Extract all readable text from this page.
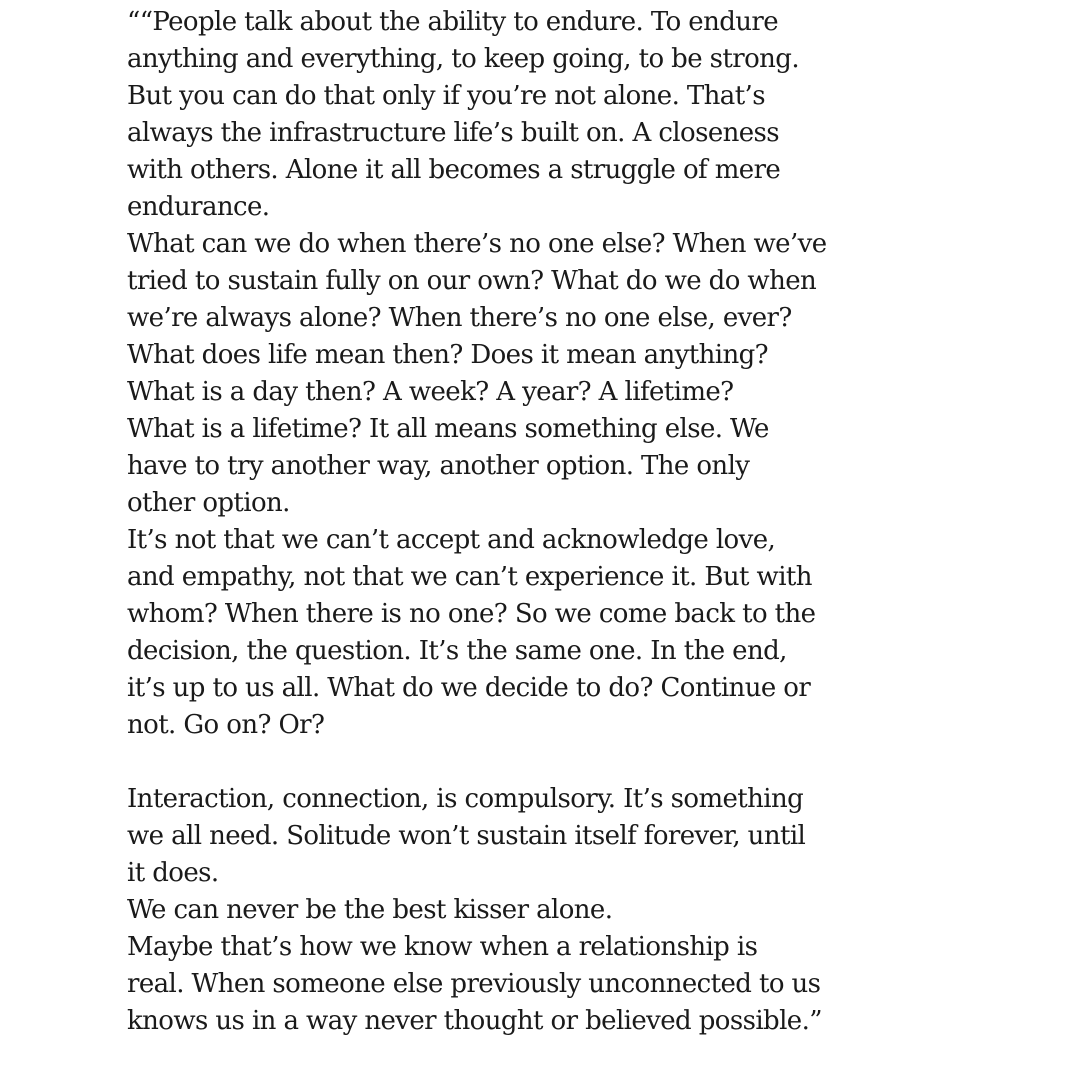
““People talk about the ability to endure. To endure
anything and everything, to keep going, to be strong.
But you can do that only if you’re not alone. That’s
always the infrastructure life’s built on. A closeness
with others. Alone it all becomes a struggle of mere
endurance.
What can we do when there’s no one else? When we’ve
tried to sustain fully on our own? What do we do when
we’re always alone? When there’s no one else, ever?
What does life mean then? Does it mean anything?
What is a day then? A week? A year? A lifetime?
What is a lifetime? It all means something else. We
have to try another way, another option. The only
other option.
It’s not that we can’t accept and acknowledge love,
and empathy, not that we can’t experience it. But with
whom? When there is no one? So we come back to the
decision, the question. It’s the same one. In the end,
it’s up to us all. What do we decide to do? Continue or
not. Go on? Or?
Interaction, connection, is compulsory. It’s something
we all need. Solitude won’t sustain itself forever, until
it does.
We can never be the best kisser alone.
Maybe that’s how we know when a relationship is
real. When someone else previously unconnected to us
knows us in a way never thought or believed possible.”
